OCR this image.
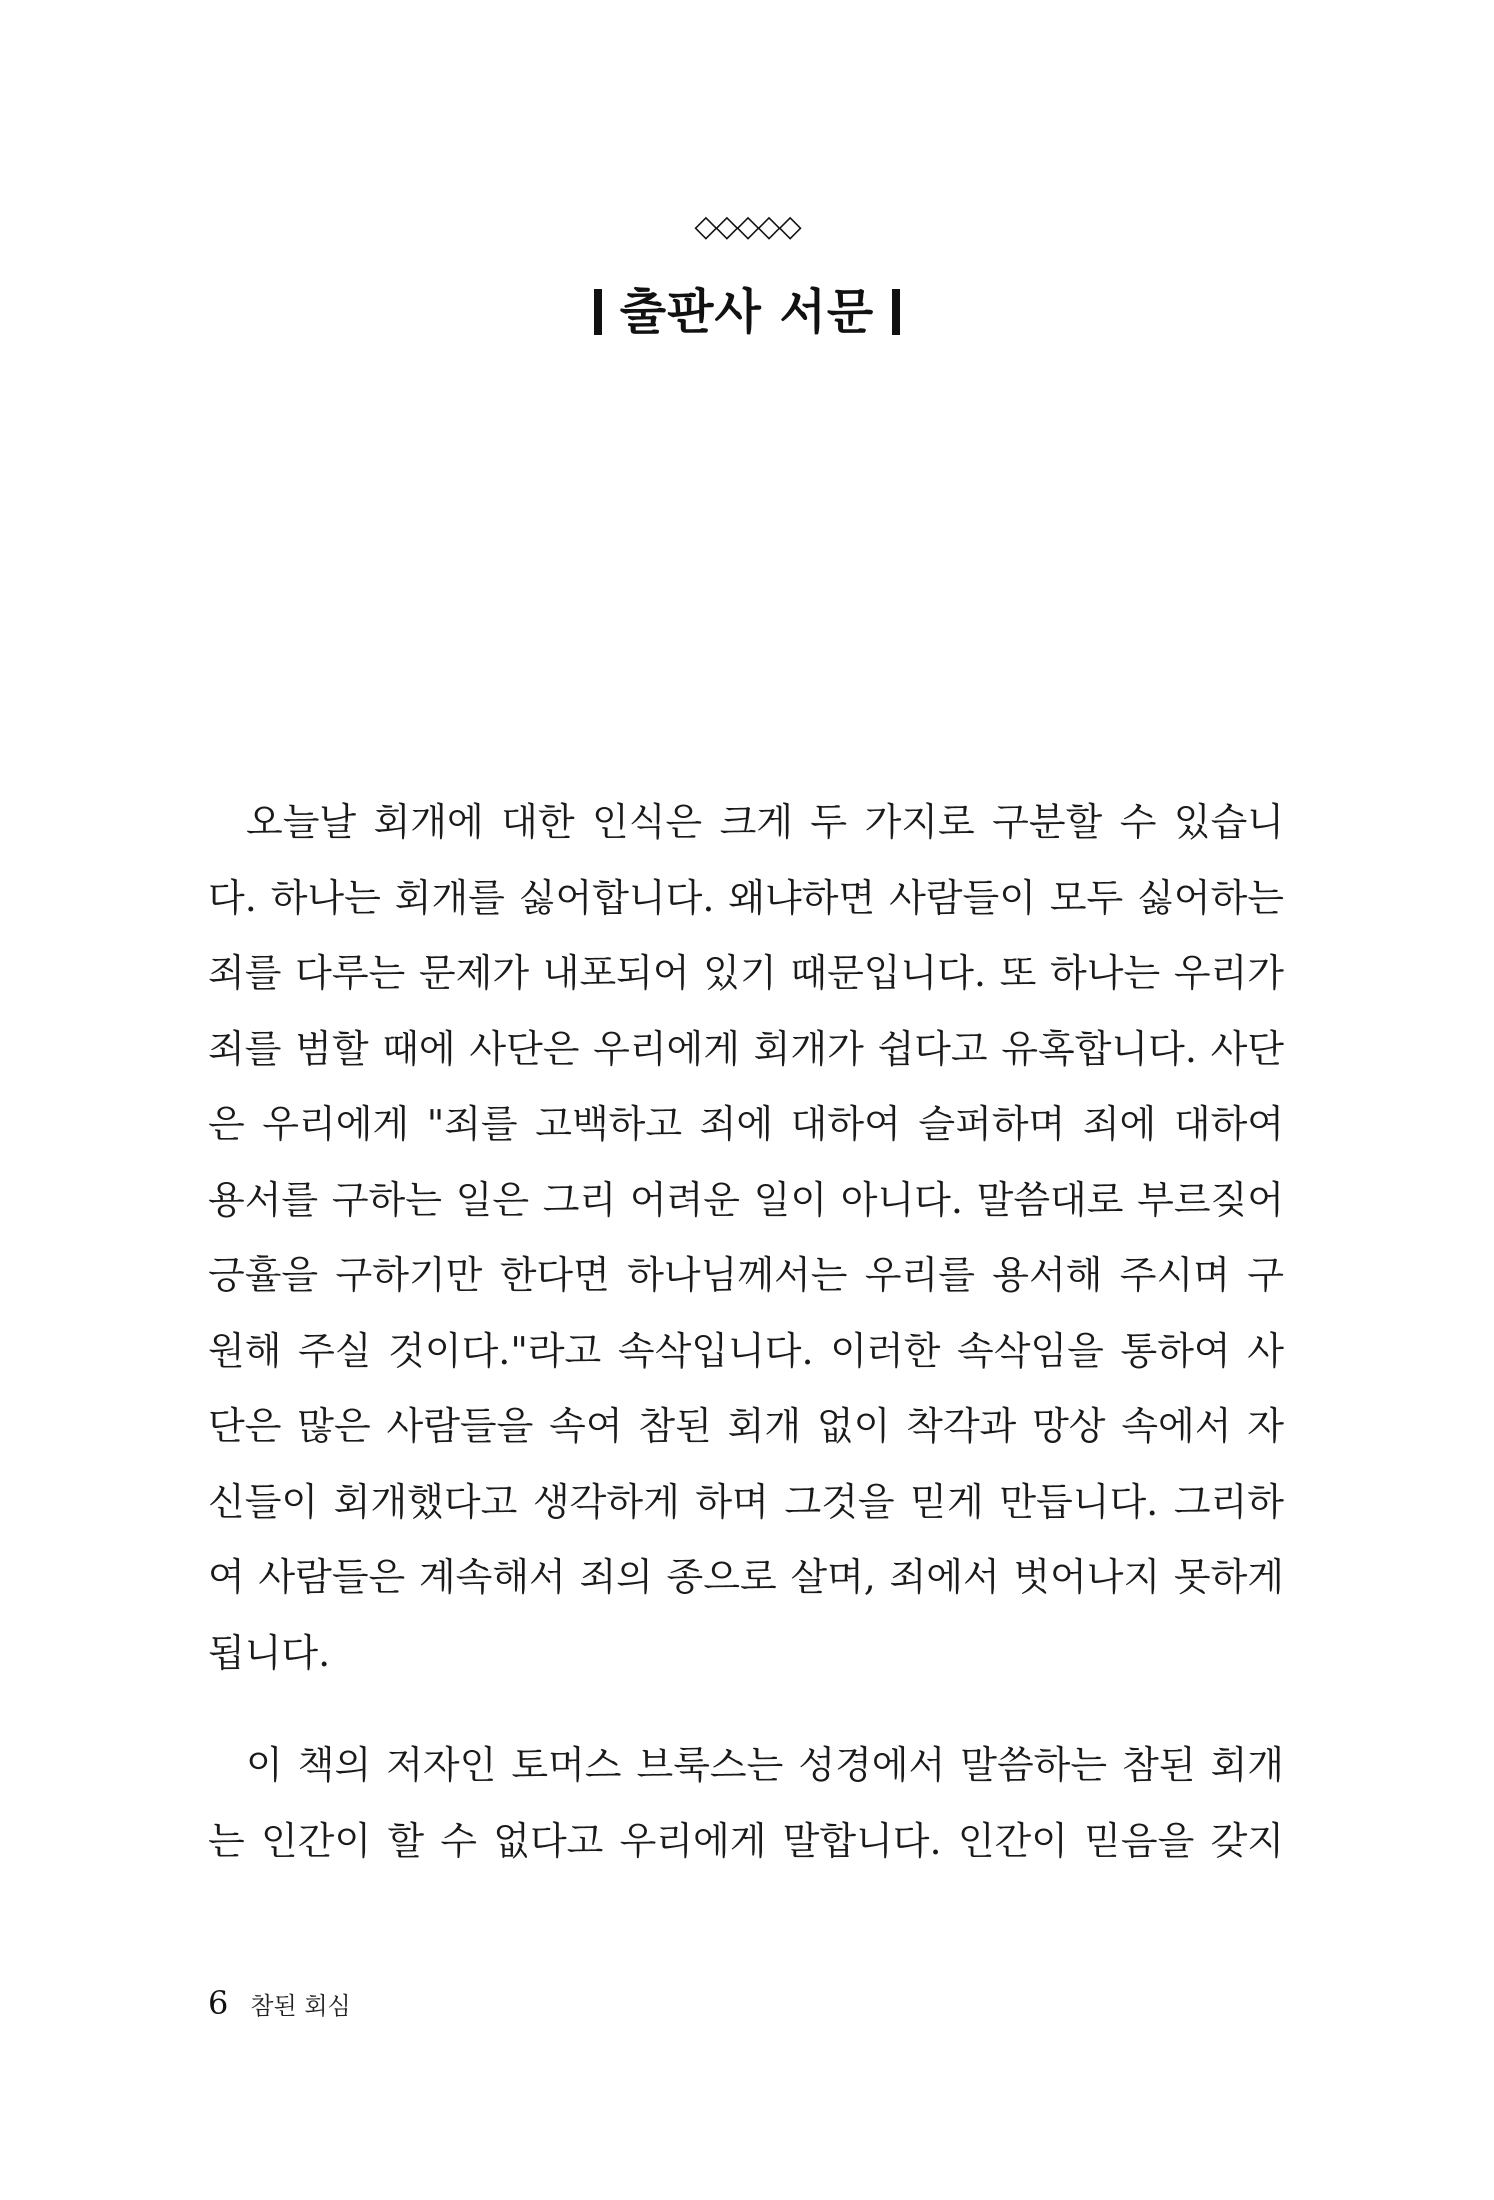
◇◇◇◇◇
출판사 서문
오늘날 회개에 대한 인식은 크게 두 가지로 구분할 수 있습니
다. 하나는 회개를 싫어합니다. 왜냐하면 사람들이 모두 싫어하는
죄를 다루는 문제가 내포되어 있기 때문입니다. 또 하나는 우리가
죄를 범할 때에 사단은 우리에게 회개가 쉽다고 유혹합니다. 사단
은 우리에게 "죄를 고백하고 죄에 대하여 슬퍼하며 죄에 대하여
용서를 구하는 일은 그리 어려운 일이 아니다. 말씀대로 부르짖어
긍휼을 구하기만 한다면 하나님께서는 우리를 용서해 주시며 구
원해 주실 것이다."라고 속삭입니다. 이러한 속삭임을 통하여 사
단은 많은 사람들을 속여 참된 회개 없이 착각과 망상 속에서 자
신들이 회개했다고 생각하게 하며 그것을 믿게 만듭니다. 그리하
여 사람들은 계속해서 죄의 종으로 살며, 죄에서 벗어나지 못하게
됩니다.
이 책의 저자인 토머스 브룩스는 성경에서 말씀하는 참된 회개
는 인간이 할 수 없다고 우리에게 말합니다. 인간이 믿음을 갖지
6 참된 회심
